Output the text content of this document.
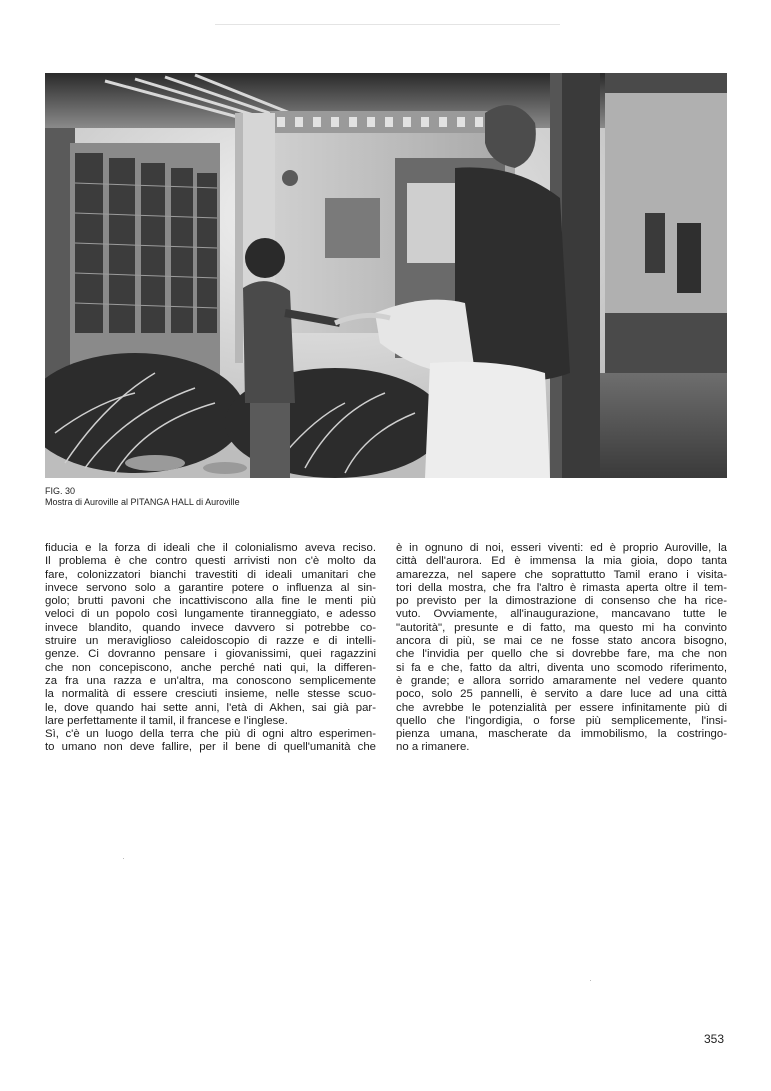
FIG. 30
Mostra di Auroville al PITANGA HALL di Auroville
fiducia e la forza di ideali che il colonialismo aveva reciso.
Il problema è che contro questi arrivisti non c'è molto da
fare, colonizzatori bianchi travestiti di ideali umanitari che
invece servono solo a garantire potere o influenza al sin-
golo; brutti pavoni che incattiviscono alla fine le menti più
veloci di un popolo così lungamente tiranneggiato, e adesso
invece blandito, quando invece davvero si potrebbe co-
struire un meraviglioso caleidoscopio di razze e di intelli-
genze. Ci dovranno pensare i giovanissimi, quei ragazzini
che non concepiscono, anche perché nati qui, la differen-
za fra una razza e un'altra, ma conoscono semplicemente
la normalità di essere cresciuti insieme, nelle stesse scuo-
le, dove quando hai sette anni, l'età di Akhen, sai già par-
lare perfettamente il tamil, il francese e l'inglese.
Sì, c'è un luogo della terra che più di ogni altro esperimen-
to umano non deve fallire, per il bene di quell'umanità che
è in ognuno di noi, esseri viventi: ed è proprio Auroville, la
città dell'aurora. Ed è immensa la mia gioia, dopo tanta
amarezza, nel sapere che soprattutto Tamil erano i visita-
tori della mostra, che fra l'altro è rimasta aperta oltre il tem-
po previsto per la dimostrazione di consenso che ha rice-
vuto. Ovviamente, all'inaugurazione, mancavano tutte le
"autorità", presunte e di fatto, ma questo mi ha convinto
ancora di più, se mai ce ne fosse stato ancora bisogno,
che l'invidia per quello che si dovrebbe fare, ma che non
si fa e che, fatto da altri, diventa uno scomodo riferimento,
è grande; e allora sorrido amaramente nel vedere quanto
poco, solo 25 pannelli, è servito a dare luce ad una città
che avrebbe le potenzialità per essere infinitamente più di
quello che l'ingordigia, o forse più semplicemente, l'insi-
pienza umana, mascherate da immobilismo, la costringo-
no a rimanere.
353
